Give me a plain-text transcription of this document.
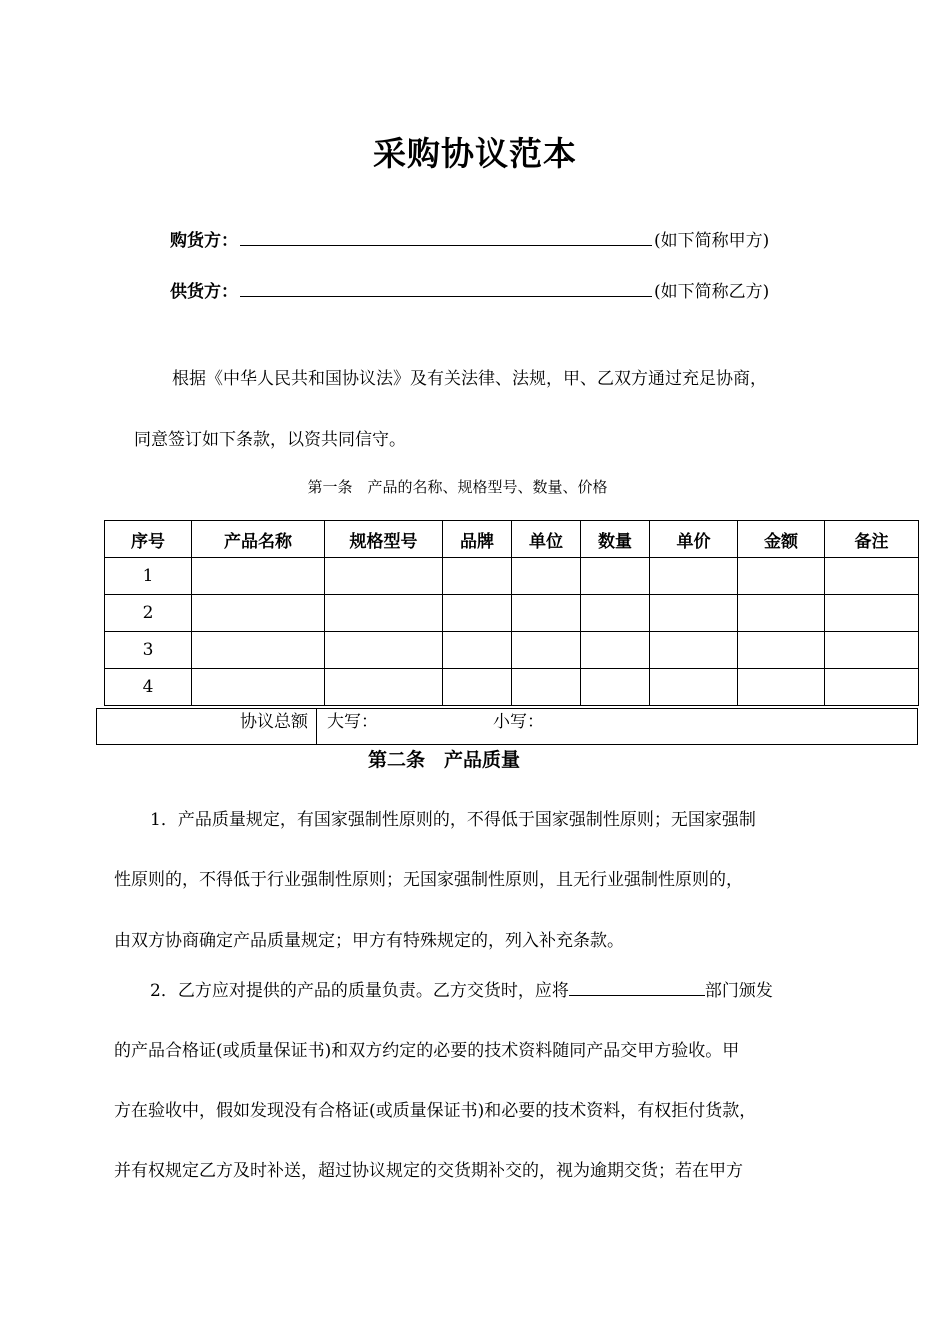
采购协议范本
购货方：	(如下简称甲方)
供货方：	(如下简称乙方)
根据《中华人民共和国协议法》及有关法律、法规，甲、乙双方通过充足协商，
同意签订如下条款，以资共同信守。
第一条　产品的名称、规格型号、数量、价格
序号	产品名称	规格型号	品牌	单位	数量	单价	金额	备注
1								
2								
3								
4								
协议总额	大写：	小写：
第二条　产品质量
1．产品质量规定，有国家强制性原则的，不得低于国家强制性原则；无国家强制
性原则的，不得低于行业强制性原则；无国家强制性原则，且无行业强制性原则的，
由双方协商确定产品质量规定；甲方有特殊规定的，列入补充条款。
2．乙方应对提供的产品的质量负责。乙方交货时，应将	部门颁发
的产品合格证(或质量保证书)和双方约定的必要的技术资料随同产品交甲方验收。甲
方在验收中，假如发现没有合格证(或质量保证书)和必要的技术资料，有权拒付货款，
并有权规定乙方及时补送，超过协议规定的交货期补交的，视为逾期交货；若在甲方
